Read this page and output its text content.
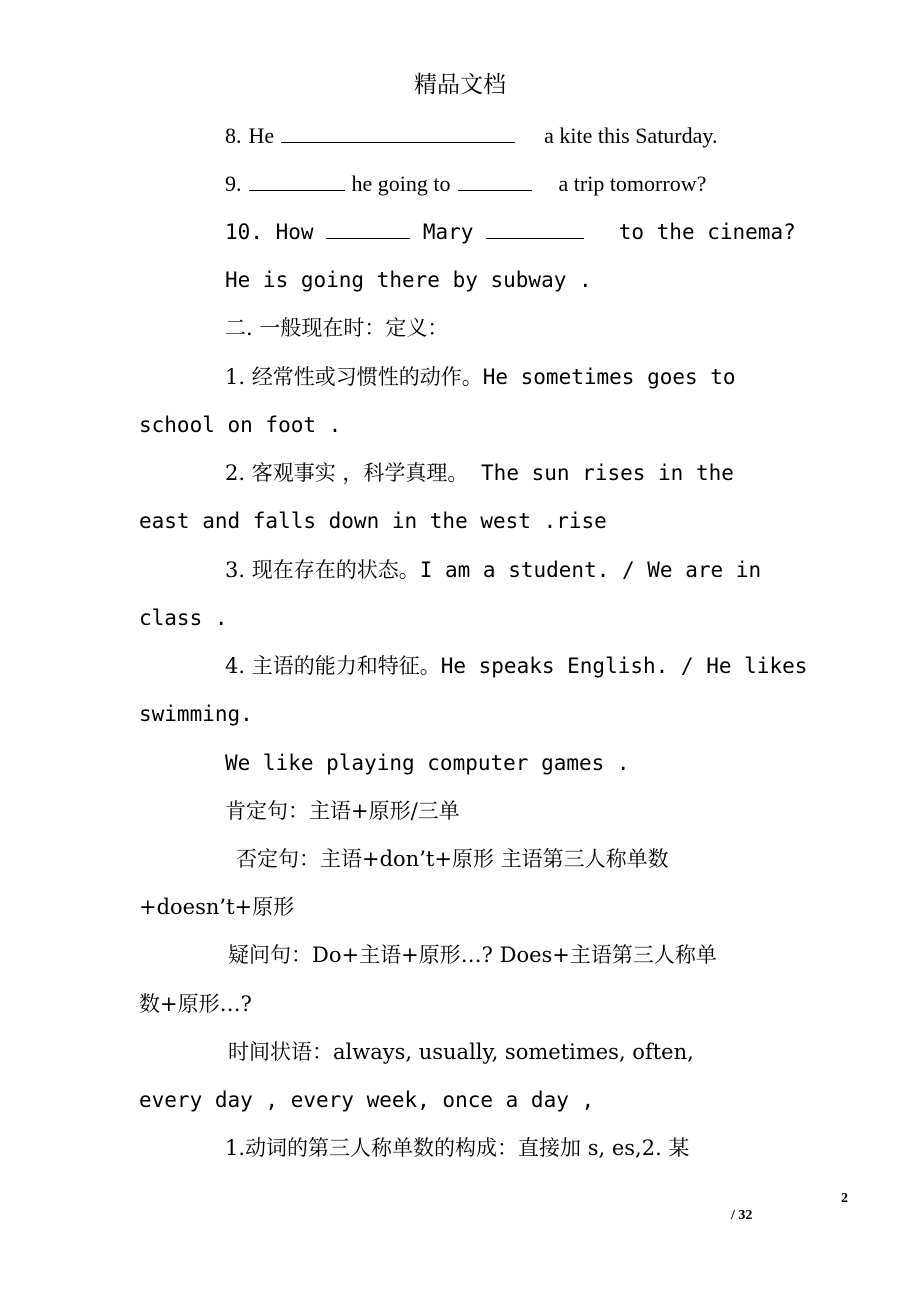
精品文档
8. He	a kite this Saturday.
9.	he going to	a trip tomorrow?
10. How	Mary	to the cinema?
He is going there by subway .
二. 一般现在时：定义：
1. 经常性或习惯性的动作。He sometimes goes to
school on foot .
2. 客观事实 ，科学真理。 The sun rises in the
east and falls down in the west .rise
3. 现在存在的状态。I am a student. / We are in
class .
4. 主语的能力和特征。He speaks English. / He likes
swimming.
We like playing computer games .
肯定句：主语+原形/三单
否定句：主语+don’t+原形 主语第三人称单数
+doesn’t+原形
疑问句：Do+主语+原形…? Does+主语第三人称单
数+原形…?
时间状语：always, usually, sometimes, often,
every day , every week, once a day ,
1.动词的第三人称单数的构成：直接加 s, es,2. 某
2
/ 32
